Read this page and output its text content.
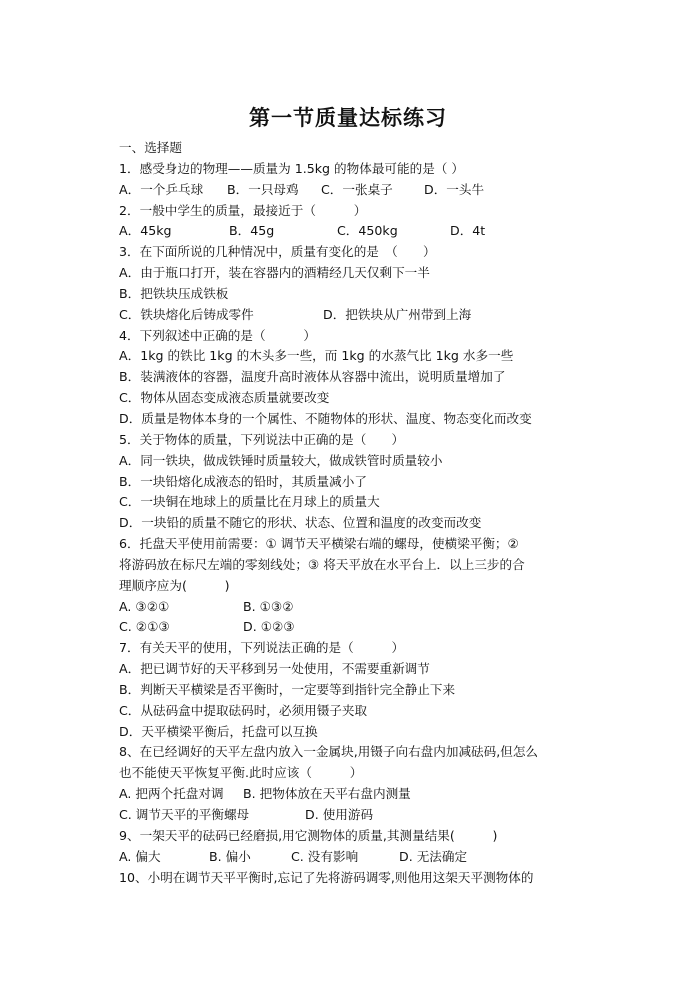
第一节质量达标练习
一、选择题
1．感受身边的物理——质量为 1.5kg 的物体最可能的是（ ）
A．一个乒乓球	B．一只母鸡	C．一张桌子	D．一头牛
2．一般中学生的质量，最接近于（　　　）
A．45kg	B．45g	C．450kg	D．4t
3．在下面所说的几种情况中，质量有变化的是　（　　）
A．由于瓶口打开，装在容器内的酒精经几天仅剩下一半
B．把铁块压成铁板
C．铁块熔化后铸成零件	D．把铁块从广州带到上海
4．下列叙述中正确的是（　　　）
A．1kg 的铁比 1kg 的木头多一些，而 1kg 的水蒸气比 1kg 水多一些
B．装满液体的容器，温度升高时液体从容器中流出，说明质量增加了
C．物体从固态变成液态质量就要改变
D．质量是物体本身的一个属性、不随物体的形状、温度、物态变化而改变
5．关于物体的质量，下列说法中正确的是（　　）
A．同一铁块，做成铁锤时质量较大，做成铁管时质量较小
B．一块铅熔化成液态的铅时，其质量减小了
C．一块铜在地球上的质量比在月球上的质量大
D．一块铅的质量不随它的形状、状态、位置和温度的改变而改变
6．托盘天平使用前需要：① 调节天平横梁右端的螺母，使横梁平衡；②
将游码放在标尺左端的零刻线处；③ 将天平放在水平台上．以上三步的合
理顺序应为(　　　)
A. ③②①	B. ①③②
C. ②①③	D. ①②③
7．有关天平的使用，下列说法正确的是（　　　）
A．把已调节好的天平移到另一处使用，不需要重新调节
B．判断天平横梁是否平衡时，一定要等到指针完全静止下来
C．从砝码盒中提取砝码时，必须用镊子夹取
D．天平横梁平衡后，托盘可以互换
8、在已经调好的天平左盘内放入一金属块,用镊子向右盘内加减砝码,但怎么
也不能使天平恢复平衡.此时应该（　　　）
A. 把两个托盘对调	B. 把物体放在天平右盘内测量
C. 调节天平的平衡螺母	D. 使用游码
9、一架天平的砝码已经磨损,用它测物体的质量,其测量结果(　　　)
A. 偏大	B. 偏小	C. 没有影响	D. 无法确定
10、小明在调节天平平衡时,忘记了先将游码调零,则他用这架天平测物体的
